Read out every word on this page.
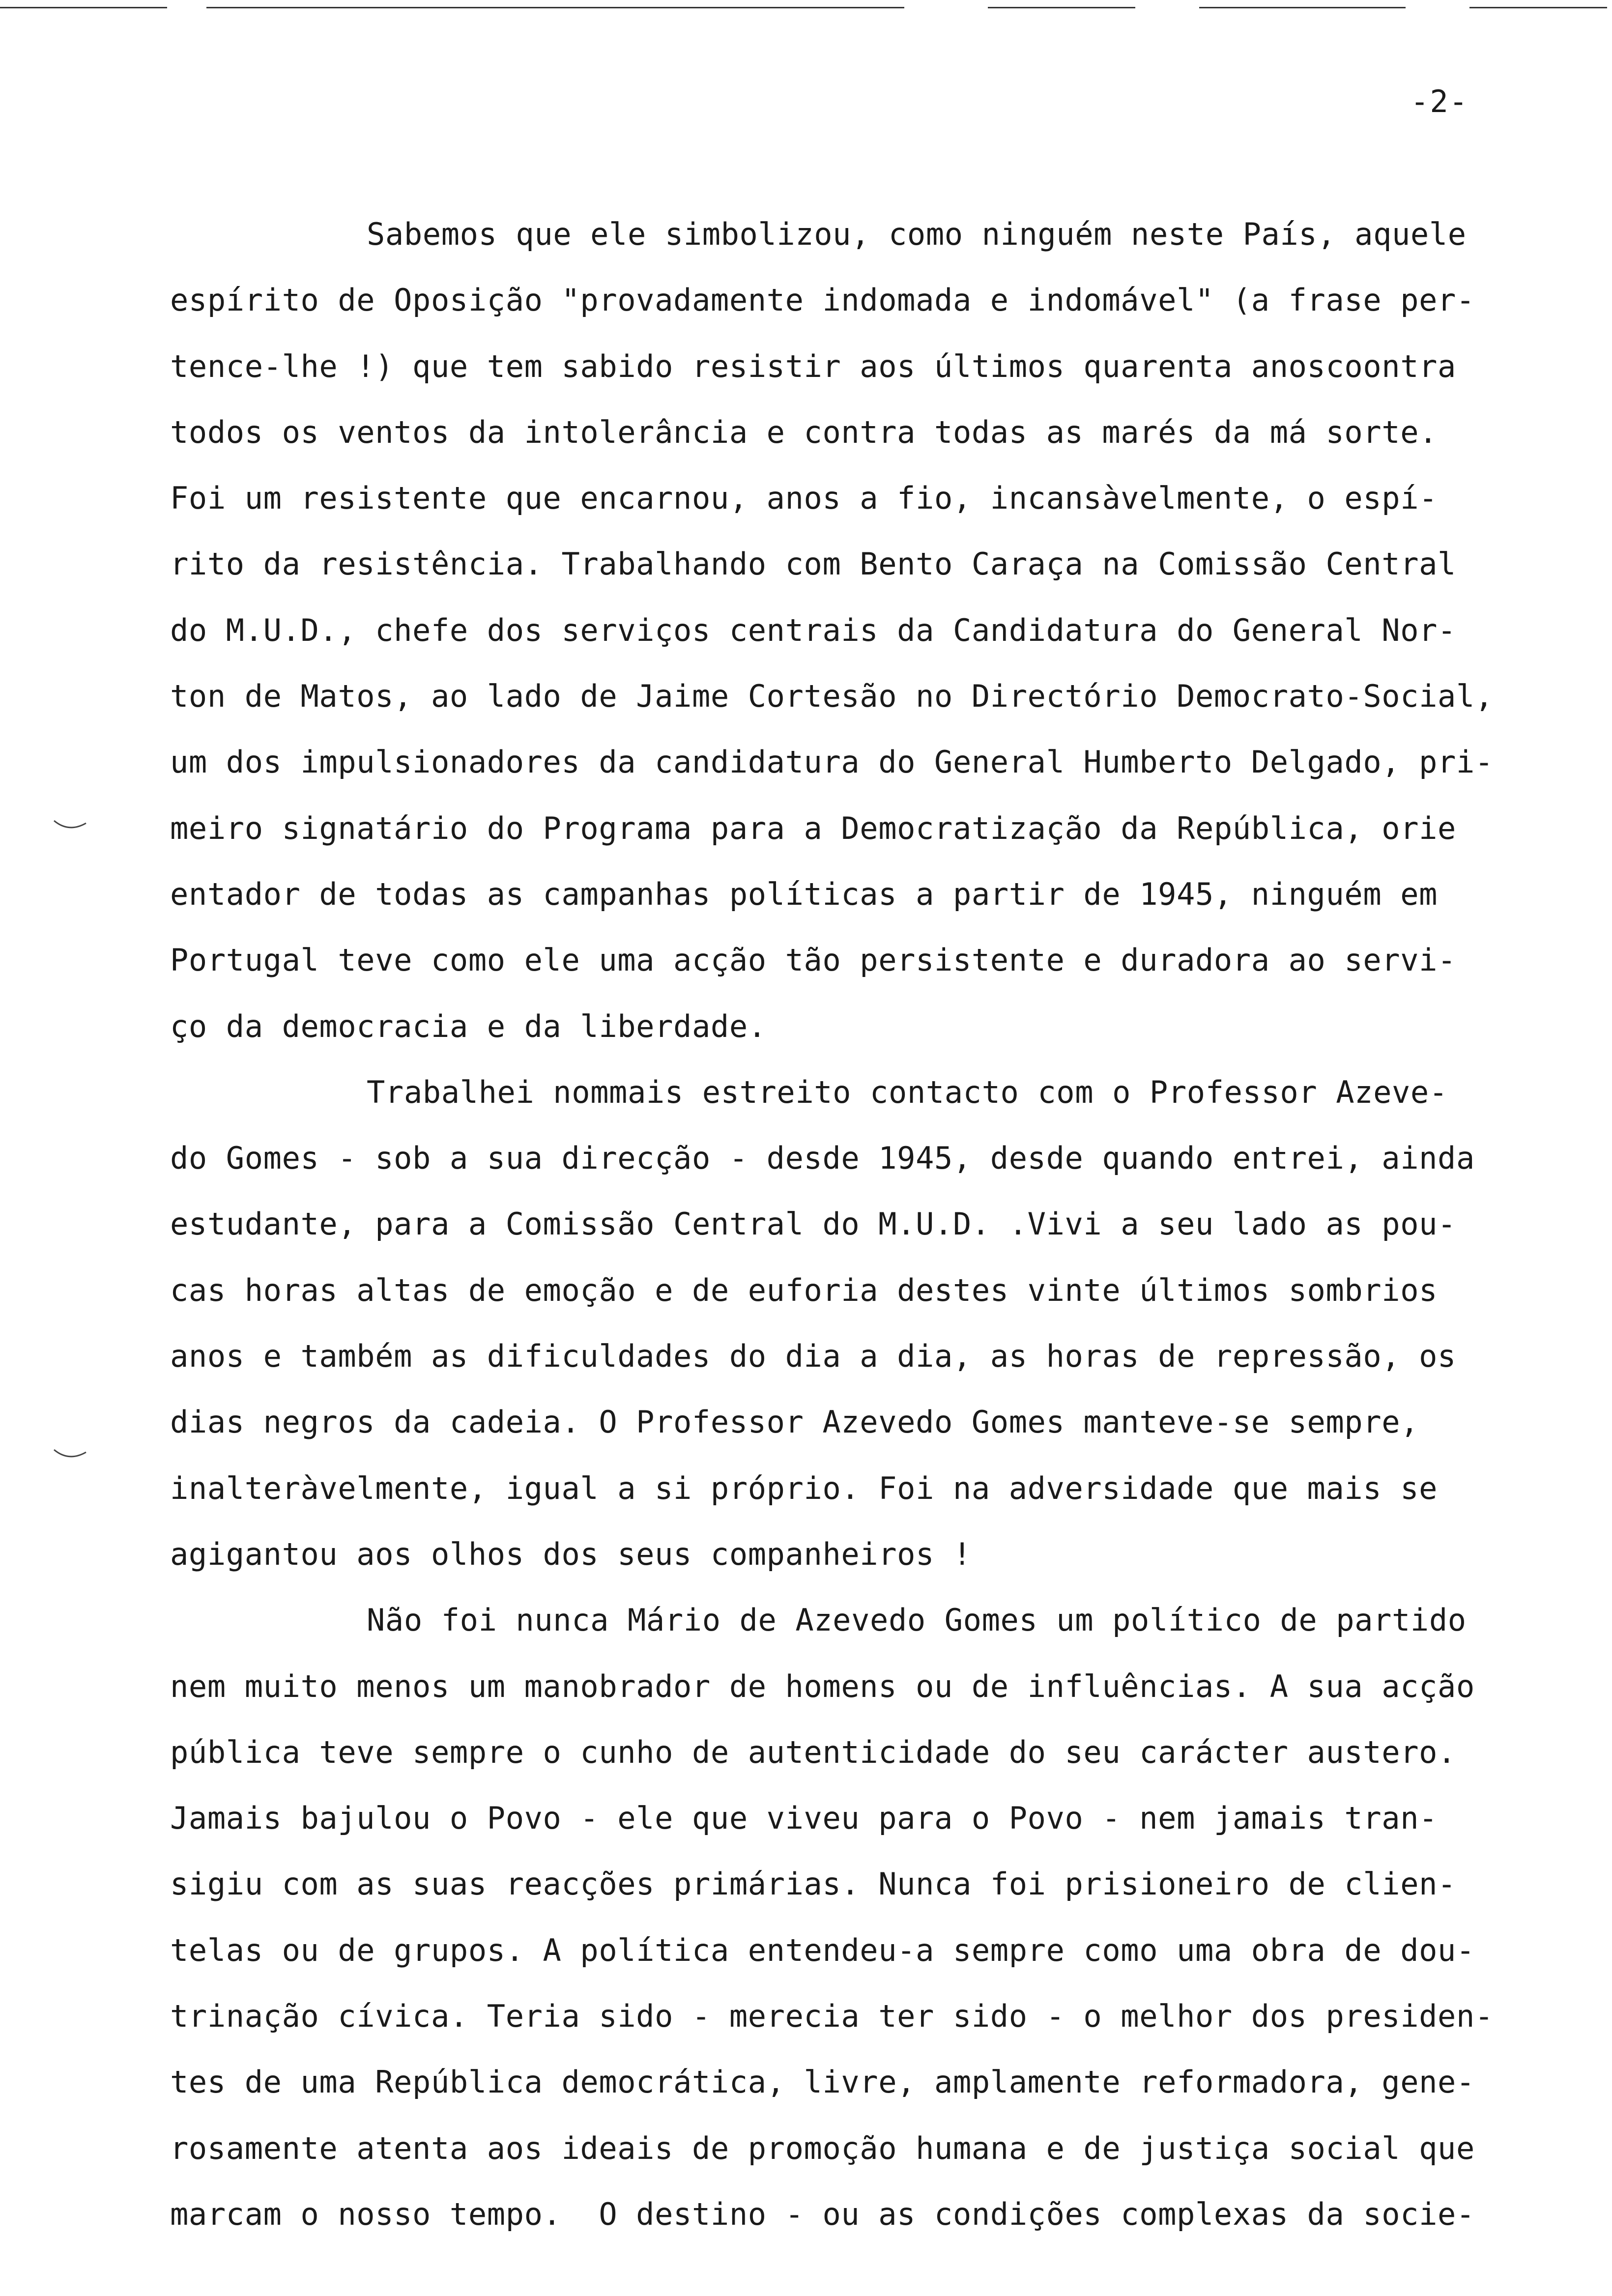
-2-
Sabemos que ele simbolizou, como ninguém neste País, aquele
espírito de Oposição "provadamente indomada e indomável" (a frase per-
tence-lhe !) que tem sabido resistir aos últimos quarenta anoscoontra
todos os ventos da intolerância e contra todas as marés da má sorte.
Foi um resistente que encarnou, anos a fio, incansàvelmente, o espí-
rito da resistência. Trabalhando com Bento Caraça na Comissão Central
do M.U.D., chefe dos serviços centrais da Candidatura do General Nor-
ton de Matos, ao lado de Jaime Cortesão no Directório Democrato-Social,
um dos impulsionadores da candidatura do General Humberto Delgado, pri-
meiro signatário do Programa para a Democratização da República, orie
entador de todas as campanhas políticas a partir de 1945, ninguém em
Portugal teve como ele uma acção tão persistente e duradora ao servi-
ço da democracia e da liberdade.
Trabalhei nommais estreito contacto com o Professor Azeve-
do Gomes - sob a sua direcção - desde 1945, desde quando entrei, ainda
estudante, para a Comissão Central do M.U.D. .Vivi a seu lado as pou-
cas horas altas de emoção e de euforia destes vinte últimos sombrios
anos e também as dificuldades do dia a dia, as horas de repressão, os
dias negros da cadeia. O Professor Azevedo Gomes manteve-se sempre,
inalteràvelmente, igual a si próprio. Foi na adversidade que mais se
agigantou aos olhos dos seus companheiros !
Não foi nunca Mário de Azevedo Gomes um político de partido
nem muito menos um manobrador de homens ou de influências. A sua acção
pública teve sempre o cunho de autenticidade do seu carácter austero.
Jamais bajulou o Povo - ele que viveu para o Povo - nem jamais tran-
sigiu com as suas reacções primárias. Nunca foi prisioneiro de clien-
telas ou de grupos. A política entendeu-a sempre como uma obra de dou-
trinação cívica. Teria sido - merecia ter sido - o melhor dos presiden-
tes de uma República democrática, livre, amplamente reformadora, gene-
rosamente atenta aos ideais de promoção humana e de justiça social que
marcam o nosso tempo.  O destino - ou as condições complexas da socie-
